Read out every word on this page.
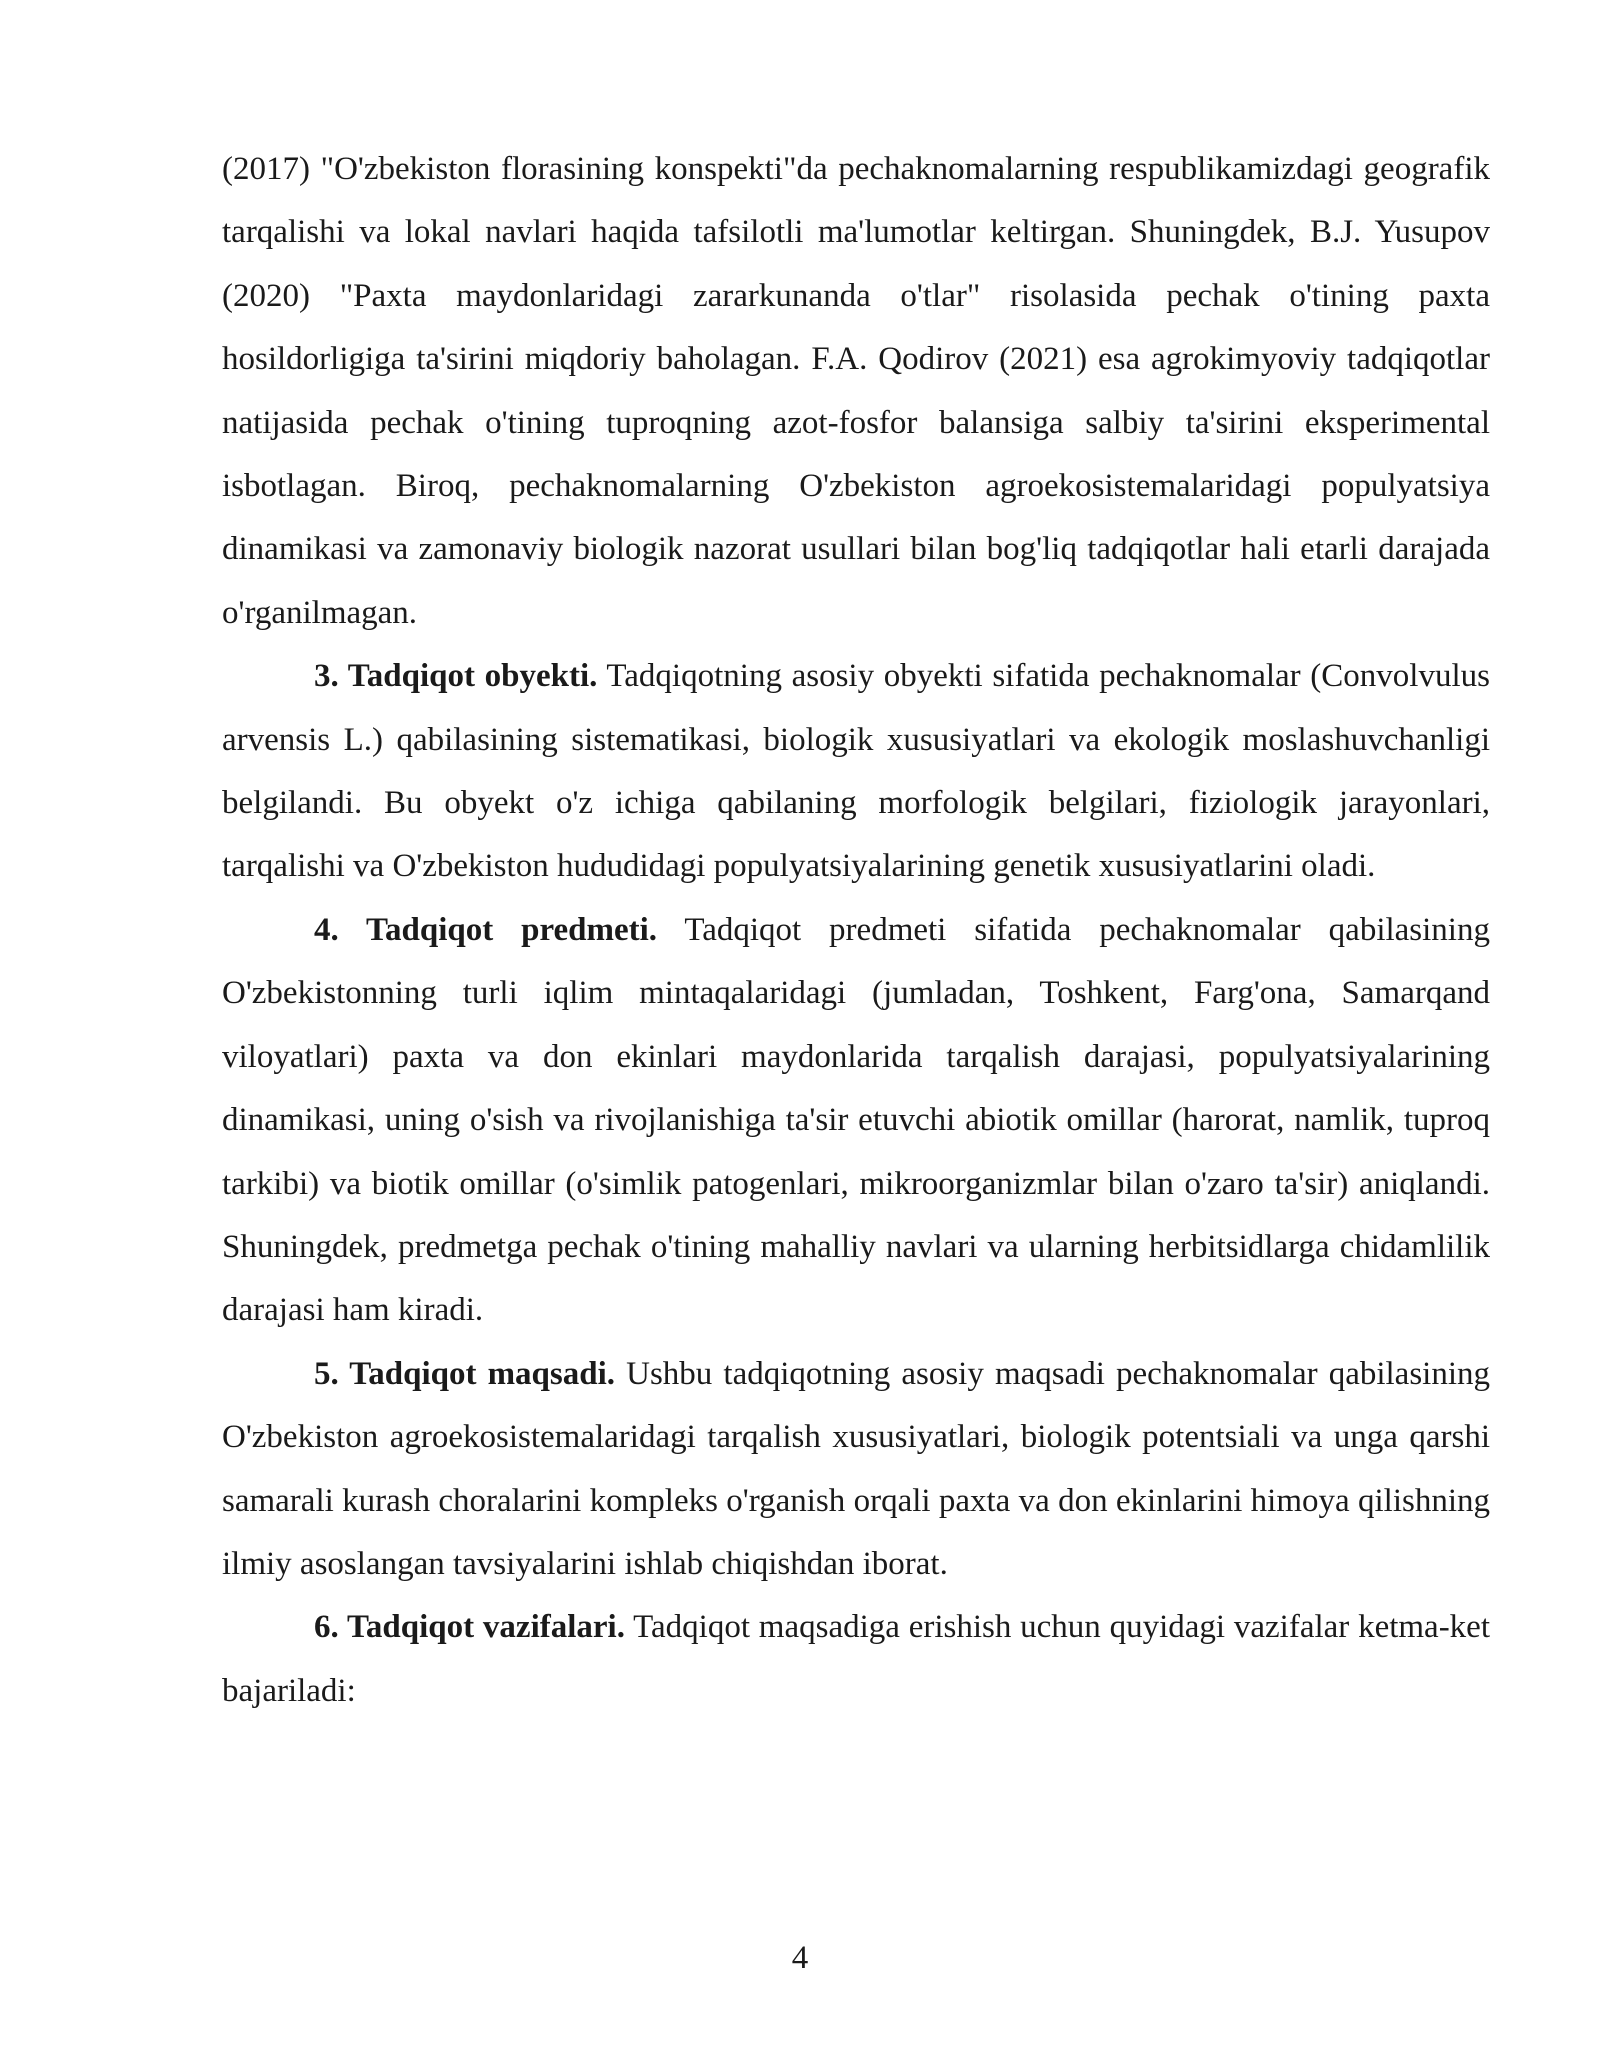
(2017) "O'zbekiston florasining konspekti"da pechaknomalarning respublikamizdagi geografik tarqalishi va lokal navlari haqida tafsilotli ma'lumotlar keltirgan. Shuningdek, B.J. Yusupov (2020) "Paxta maydonlaridagi zararkunanda o'tlar" risolasida pechak o'tining paxta hosildorligiga ta'sirini miqdoriy baholagan. F.A. Qodirov (2021) esa agrokimyoviy tadqiqotlar natijasida pechak o'tining tuproqning azot-fosfor balansiga salbiy ta'sirini eksperimental isbotlagan. Biroq, pechaknomalarning O'zbekiston agroekosistemalaridagi populyatsiya dinamikasi va zamonaviy biologik nazorat usullari bilan bog'liq tadqiqotlar hali etarli darajada o'rganilmagan.

3. Tadqiqot obyekti. Tadqiqotning asosiy obyekti sifatida pechaknomalar (Convolvulus arvensis L.) qabilasining sistematikasi, biologik xususiyatlari va ekologik moslashuvchanligi belgilandi. Bu obyekt o'z ichiga qabilaning morfologik belgilari, fiziologik jarayonlari, tarqalishi va O'zbekiston hududidagi populyatsiyalarining genetik xususiyatlarini oladi.

4. Tadqiqot predmeti. Tadqiqot predmeti sifatida pechaknomalar qabilasining O'zbekistonning turli iqlim mintaqalaridagi (jumladan, Toshkent, Farg'ona, Samarqand viloyatlari) paxta va don ekinlari maydonlarida tarqalish darajasi, populyatsiyalarining dinamikasi, uning o'sish va rivojlanishiga ta'sir etuvchi abiotik omillar (harorat, namlik, tuproq tarkibi) va biotik omillar (o'simlik patogenlari, mikroorganizmlar bilan o'zaro ta'sir) aniqlandi. Shuningdek, predmetga pechak o'tining mahalliy navlari va ularning herbitsidlarga chidamlilik darajasi ham kiradi.

5. Tadqiqot maqsadi. Ushbu tadqiqotning asosiy maqsadi pechaknomalar qabilasining O'zbekiston agroekosistemalaridagi tarqalish xususiyatlari, biologik potentsiali va unga qarshi samarali kurash choralarini kompleks o'rganish orqali paxta va don ekinlarini himoya qilishning ilmiy asoslangan tavsiyalarini ishlab chiqishdan iborat.

6. Tadqiqot vazifalari. Tadqiqot maqsadiga erishish uchun quyidagi vazifalar ketma-ket bajariladi:

4
